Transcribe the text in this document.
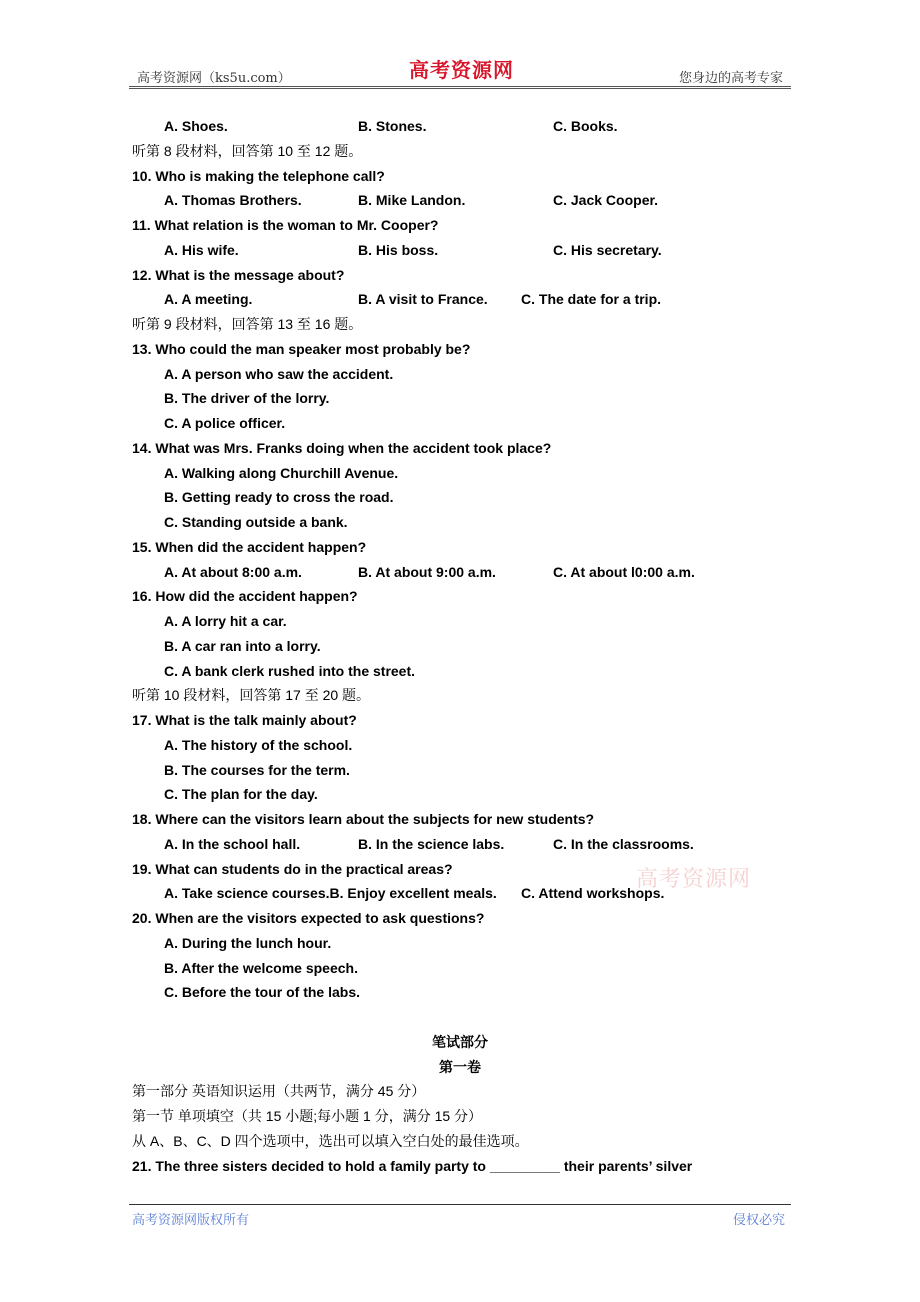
高考资源网（ks5u.com）	高考资源网	您身边的高考专家
A. Shoes.	B. Stones.	C. Books.
听第 8 段材料，回答第 10 至 12 题。
10. Who is making the telephone call?
A. Thomas Brothers.	B. Mike Landon.	C. Jack Cooper.
11. What relation is the woman to Mr. Cooper?
A. His wife.	B. His boss.	C. His secretary.
12. What is the message about?
A. A meeting.	B. A visit to France. C. The date for a trip.
听第 9 段材料，回答第 13 至 16 题。
13. Who could the man speaker most probably be?
A. A person who saw the accident.
B. The driver of the lorry.
C. A police officer.
14. What was Mrs. Franks doing when the accident took place?
A. Walking along Churchill Avenue.
B. Getting ready to cross the road.
C. Standing outside a bank.
15. When did the accident happen?
A. At about 8:00 a.m.	B. At about 9:00 a.m.	C. At about l0:00 a.m.
16. How did the accident happen?
A. A lorry hit a car.
B. A car ran into a lorry.
C. A bank clerk rushed into the street.
听第 10 段材料，回答第 17 至 20 题。
17. What is the talk mainly about?
A. The history of the school.
B. The courses for the term.
C. The plan for the day.
18. Where can the visitors learn about the subjects for new students?
A. In the school hall.	B. In the science labs.	C. In the classrooms.
19. What can students do in the practical areas?
A. Take science courses.B. Enjoy excellent meals. C. Attend workshops.
20. When are the visitors expected to ask questions?
A. During the lunch hour.
B. After the welcome speech.
C. Before the tour of the labs.
笔试部分
第一卷
第一部分 英语知识运用（共两节，满分 45 分）
第一节 单项填空（共 15 小题;每小题 1 分，满分 15 分）
从 A、B、C、D 四个选项中，选出可以填入空白处的最佳选项。
21. The three sisters decided to hold a family party to _________ their parents’ silver
高考资源网
高考资源网版权所有	侵权必究
